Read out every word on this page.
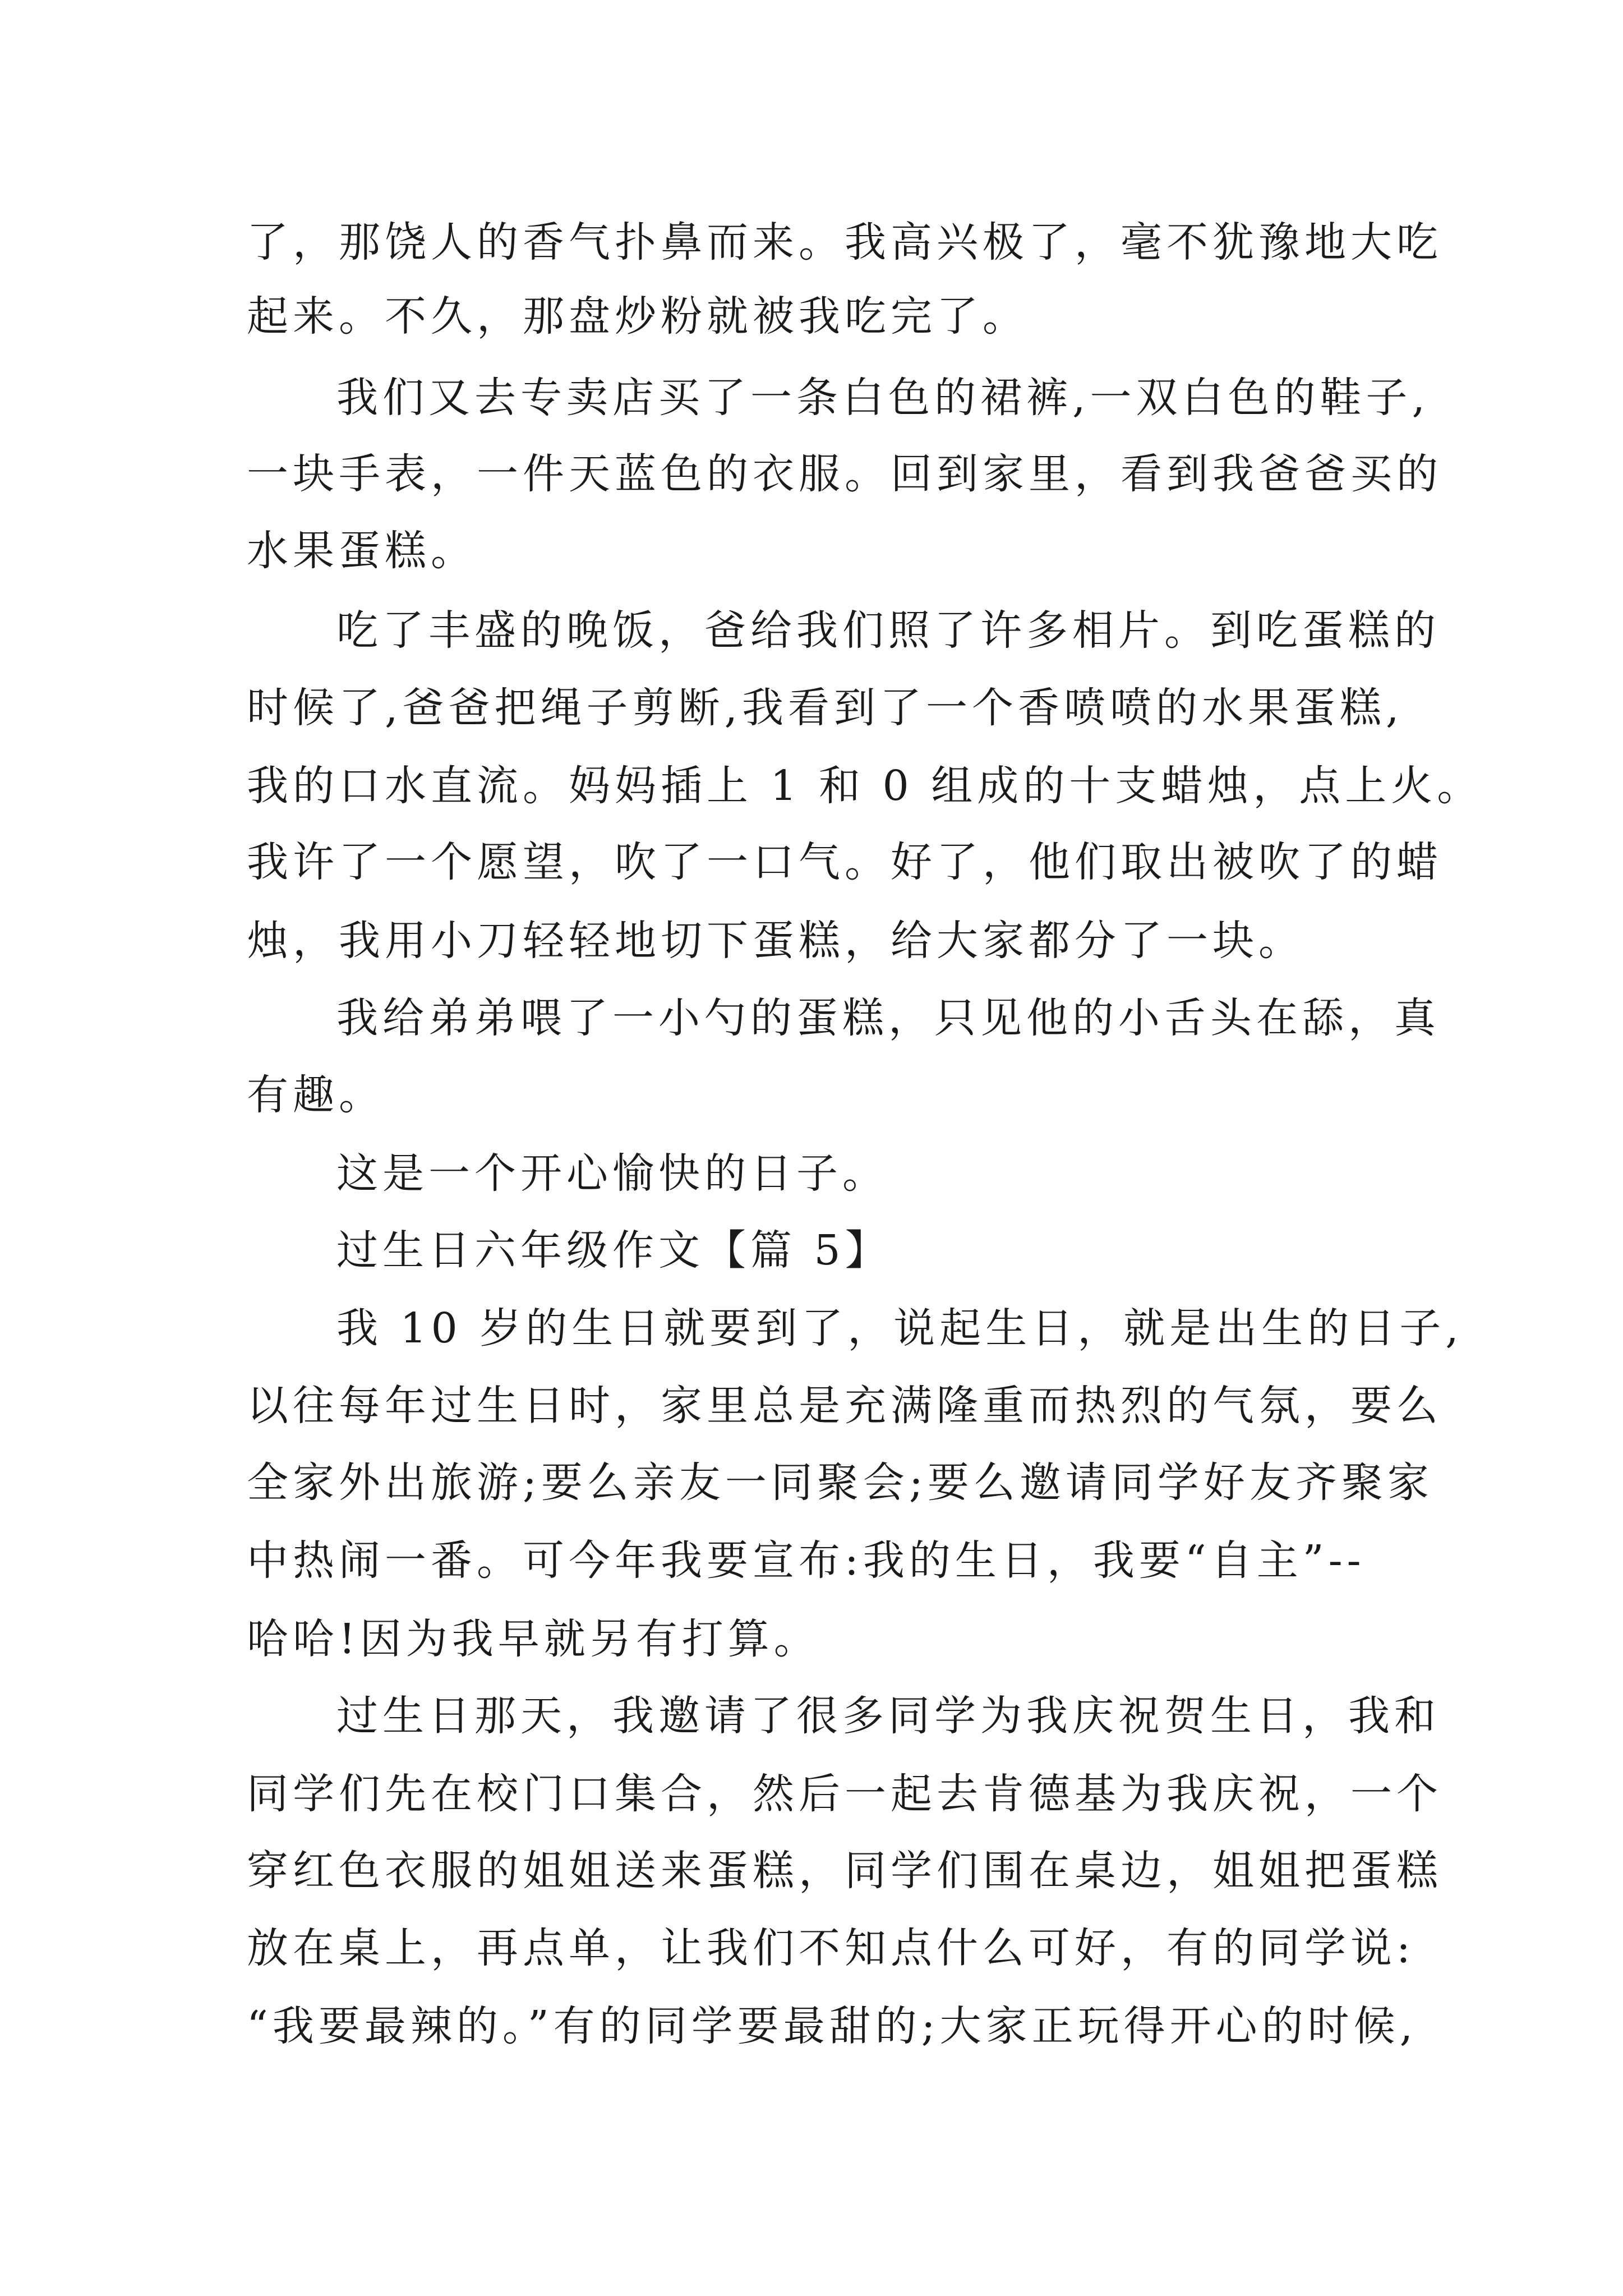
了，那饶人的香气扑鼻而来。我高兴极了，毫不犹豫地大吃
起来。不久，那盘炒粉就被我吃完了。
我们又去专卖店买了一条白色的裙裤,一双白色的鞋子,
一块手表，一件天蓝色的衣服。回到家里，看到我爸爸买的
水果蛋糕。
吃了丰盛的晚饭，爸给我们照了许多相片。到吃蛋糕的
时候了,爸爸把绳子剪断,我看到了一个香喷喷的水果蛋糕,
我的口水直流。妈妈插上 1 和 0 组成的十支蜡烛，点上火。
我许了一个愿望，吹了一口气。好了，他们取出被吹了的蜡
烛，我用小刀轻轻地切下蛋糕，给大家都分了一块。
我给弟弟喂了一小勺的蛋糕，只见他的小舌头在舔，真
有趣。
这是一个开心愉快的日子。
过生日六年级作文【篇 5】
我 10 岁的生日就要到了，说起生日，就是出生的日子,
以往每年过生日时，家里总是充满隆重而热烈的气氛，要么
全家外出旅游;要么亲友一同聚会;要么邀请同学好友齐聚家
中热闹一番。可今年我要宣布:我的生日，我要“自主”--
哈哈!因为我早就另有打算。
过生日那天，我邀请了很多同学为我庆祝贺生日，我和
同学们先在校门口集合，然后一起去肯德基为我庆祝，一个
穿红色衣服的姐姐送来蛋糕，同学们围在桌边，姐姐把蛋糕
放在桌上，再点单，让我们不知点什么可好，有的同学说:
“我要最辣的。”有的同学要最甜的;大家正玩得开心的时候,
